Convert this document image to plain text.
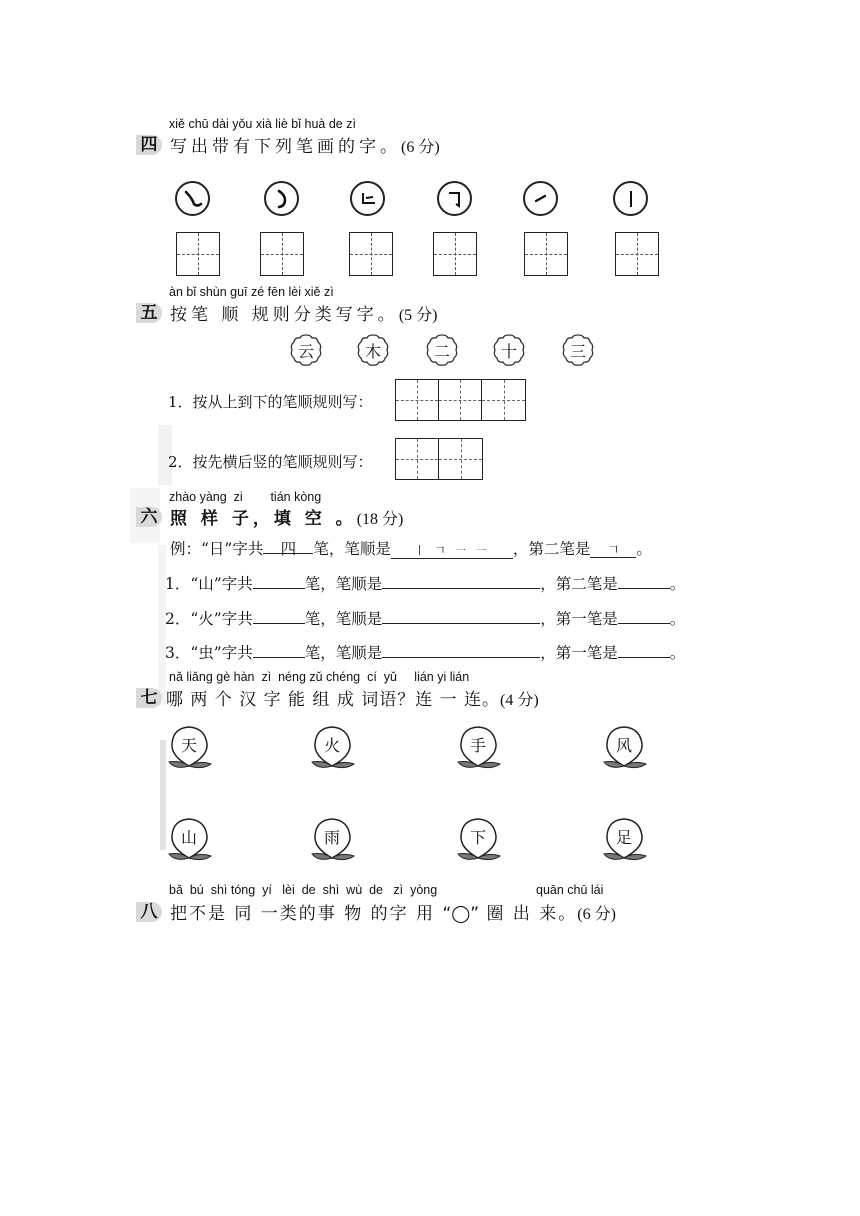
xiě chū dài yǒu xià liè bǐ huà de zì
四 写出带有下列笔画的字。(6 分)
àn bǐ shùn guī zé fēn lèi xiě zì
五 按笔 顺 规则分类写字。(5 分)
云	木	二	十	三
1．按从上到下的笔顺规则写：
2．按先横后竖的笔顺规则写：
zhào yàng  zi        tián kòng
六 照 样 子，填 空 。(18 分)
例：“日”字共 四 笔，笔顺是 丨 𠃍 ㇐ ㇐ ，第二笔是 𠃍 。
1．“山”字共	笔，笔顺是	，第二笔是	。
2．“火”字共	笔，笔顺是	，第一笔是	。
3．“虫”字共	笔，笔顺是	，第一笔是	。
nǎ liǎng gè hàn  zì  néng zǔ chéng  cí  yǔ     lián yi lián
七 哪 两 个 汉 字 能 组 成 词语？连 一 连。(4 分)
天	火	手	风
山	雨	下	足
bǎ  bú  shì tóng  yí   lèi  de  shì  wù  de   zì  yòng	quān chū lái
八 把不是 同 一类的事 物 的字 用 “◯” 圈 出 来。(6 分)
